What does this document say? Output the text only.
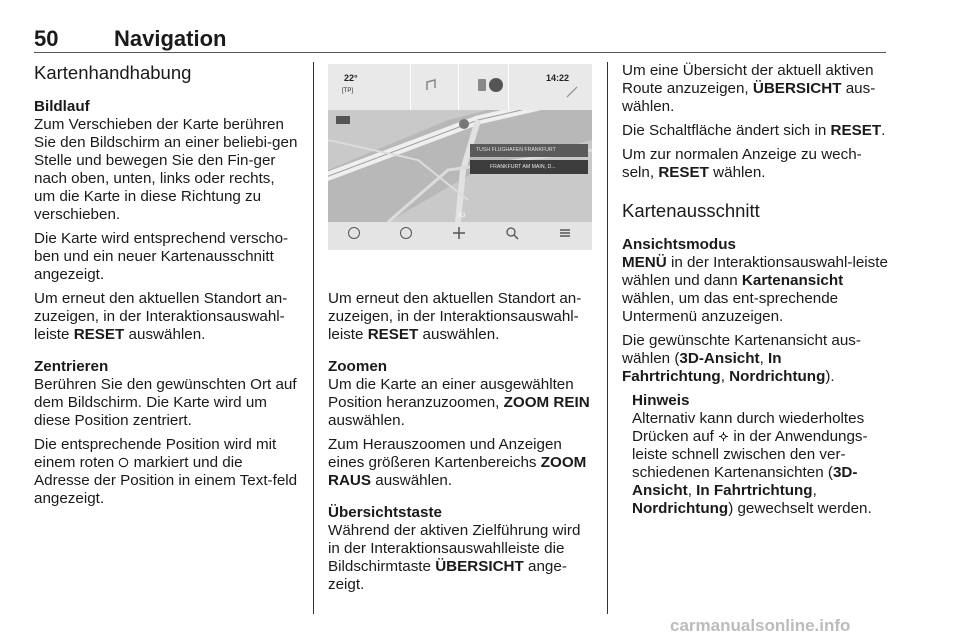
50	Navigation
Kartenhandhabung

Bildlauf

Zum Verschieben der Karte berühren Sie den Bildschirm an einer beliebi-gen Stelle und bewegen Sie den Fin-ger nach oben, unten, links oder rechts, um die Karte in diese Richtung zu verschieben.

Die Karte wird entsprechend verscho-ben und ein neuer Kartenausschnitt angezeigt.

Um erneut den aktuellen Standort an-zuzeigen, in der Interaktionsauswahl-leiste RESET auswählen.

Zentrieren

Berühren Sie den gewünschten Ort auf dem Bildschirm. Die Karte wird um diese Position zentriert.

Die entsprechende Position wird mit einem roten  markiert und die Adresse der Position in einem Text-feld angezeigt.

22°
[TP]
14:22
TUSH FLUGHAFEN FRANKFURT
FRANKFURT AM MAIN, D...
A3

Um erneut den aktuellen Standort an-zuzeigen, in der Interaktionsauswahl-leiste RESET auswählen.

Zoomen

Um die Karte an einer ausgewählten Position heranzuzoomen, ZOOM REIN auswählen.

Zum Herauszoomen und Anzeigen eines größeren Kartenbereichs ZOOM RAUS auswählen.

Übersichtstaste

Während der aktiven Zielführung wird in der Interaktionsauswahlleiste die Bildschirmtaste ÜBERSICHT ange-zeigt.

Um eine Übersicht der aktuell aktiven Route anzuzeigen, ÜBERSICHT aus-wählen.

Die Schaltfläche ändert sich in RESET.

Um zur normalen Anzeige zu wech-seln, RESET wählen.

Kartenausschnitt

Ansichtsmodus

MENÜ in der Interaktionsauswahl-leiste wählen und dann Kartenansicht wählen, um das ent-sprechende Untermenü anzuzeigen.

Die gewünschte Kartenansicht aus-wählen (3D-Ansicht, In Fahrtrichtung, Nordrichtung).

Hinweis

Alternativ kann durch wiederholtes Drücken auf  in der Anwendungs-leiste schnell zwischen den ver-schiedenen Kartenansichten (3D-Ansicht, In Fahrtrichtung, Nordrichtung) gewechselt werden.

carmanualsonline.info
